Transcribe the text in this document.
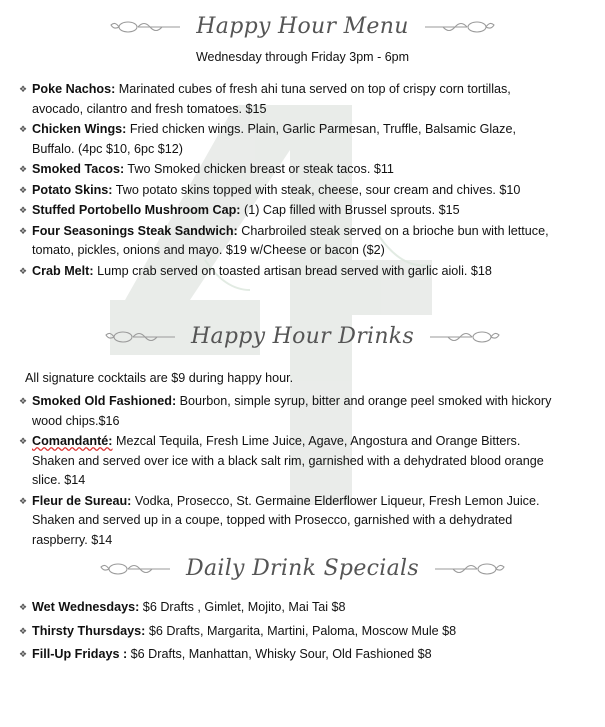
Happy Hour Menu
Wednesday through Friday 3pm - 6pm
❖ Poke Nachos: Marinated cubes of fresh ahi tuna served on top of crispy corn tortillas, avocado, cilantro and fresh tomatoes. $15
❖ Chicken Wings: Fried chicken wings. Plain, Garlic Parmesan, Truffle, Balsamic Glaze, Buffalo. (4pc $10, 6pc $12)
❖ Smoked Tacos: Two Smoked chicken breast or steak tacos. $11
❖ Potato Skins: Two potato skins topped with steak, cheese, sour cream and chives. $10
❖ Stuffed Portobello Mushroom Cap: (1) Cap filled with Brussel sprouts. $15
❖ Four Seasonings Steak Sandwich: Charbroiled steak served on a brioche bun with lettuce, tomato, pickles, onions and mayo. $19 w/Cheese or bacon ($2)
❖ Crab Melt: Lump crab served on toasted artisan bread served with garlic aioli. $18
Happy Hour Drinks
All signature cocktails are $9 during happy hour.
❖ Smoked Old Fashioned: Bourbon, simple syrup, bitter and orange peel smoked with hickory wood chips.$16
❖ Comandanté: Mezcal Tequila, Fresh Lime Juice, Agave, Angostura and Orange Bitters. Shaken and served over ice with a black salt rim, garnished with a dehydrated blood orange slice. $14
❖ Fleur de Sureau: Vodka, Prosecco, St. Germaine Elderflower Liqueur, Fresh Lemon Juice. Shaken and served up in a coupe, topped with Prosecco, garnished with a dehydrated raspberry. $14
Daily Drink Specials
❖ Wet Wednesdays: $6 Drafts , Gimlet, Mojito, Mai Tai $8
❖ Thirsty Thursdays: $6 Drafts, Margarita, Martini, Paloma, Moscow Mule $8
❖ Fill-Up Fridays : $6 Drafts, Manhattan, Whisky Sour, Old Fashioned $8
